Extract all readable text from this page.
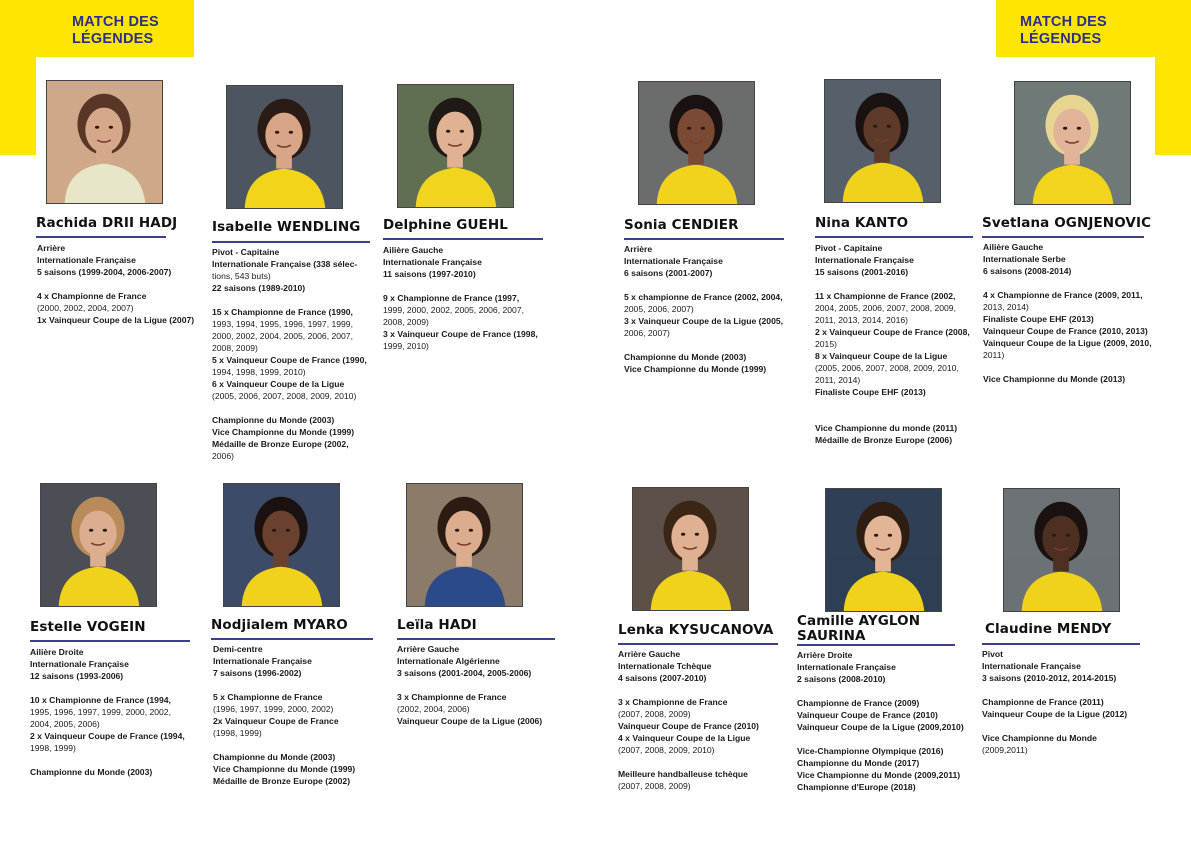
MATCH DES
LÉGENDES
MATCH DES
LÉGENDES
Rachida DRII HADJ
Arrière
Internationale Française
5 saisons (1999-2004, 2006-2007)
4 x Championne de France
(2000, 2002, 2004, 2007)
1x Vainqueur Coupe de la Ligue (2007)
Isabelle WENDLING
Pivot - Capitaine
Internationale Française (338 sélec-
tions, 543 buts)
22 saisons (1989-2010)
15 x Championne de France (1990,
1993, 1994, 1995, 1996, 1997, 1999,
2000, 2002, 2004, 2005, 2006, 2007,
2008, 2009)
5 x Vainqueur Coupe de France (1990,
1994, 1998, 1999, 2010)
6 x Vainqueur Coupe de la Ligue
(2005, 2006, 2007, 2008, 2009, 2010)
Championne du Monde (2003)
Vice Championne du Monde (1999)
Médaille de Bronze Europe (2002,
2006)
Delphine GUEHL
Ailière Gauche
Internationale Française
11 saisons (1997-2010)
9 x Championne de France (1997,
1999, 2000, 2002, 2005, 2006, 2007,
2008, 2009)
3 x Vainqueur Coupe de France (1998,
1999, 2010)
Sonia CENDIER
Arrière
Internationale Française
6 saisons (2001-2007)
5 x championne de France (2002, 2004,
2005, 2006, 2007)
3 x Vainqueur Coupe de la Ligue (2005,
2006, 2007)
Championne du Monde (2003)
Vice Championne du Monde (1999)
Nina KANTO
Pivot - Capitaine
Internationale Française
15 saisons (2001-2016)
11 x Championne de France (2002,
2004, 2005, 2006, 2007, 2008, 2009,
2011, 2013, 2014, 2016)
2 x Vainqueur Coupe de France (2008,
2015)
8 x Vainqueur Coupe de la Ligue
(2005, 2006, 2007, 2008, 2009, 2010,
2011, 2014)
Finaliste Coupe EHF (2013)
Vice Championne du monde (2011)
Médaille de Bronze Europe (2006)
Svetlana OGNJENOVIC
Ailière Gauche
Internationale Serbe
6 saisons (2008-2014)
4 x Championne de France (2009, 2011,
2013, 2014)
Finaliste Coupe EHF (2013)
Vainqueur Coupe de France (2010, 2013)
Vainqueur Coupe de la Ligue (2009, 2010,
2011)
Vice Championne du Monde (2013)
Estelle VOGEIN
Ailière Droite
Internationale Française
12 saisons (1993-2006)
10 x Championne de France (1994,
1995, 1996, 1997, 1999, 2000, 2002,
2004, 2005, 2006)
2 x Vainqueur Coupe de France (1994,
1998, 1999)
Championne du Monde (2003)
Nodjialem MYARO
Demi-centre
Internationale Française
7 saisons (1996-2002)
5 x Championne de France
(1996, 1997, 1999, 2000, 2002)
2x Vainqueur Coupe de France
(1998, 1999)
Championne du Monde (2003)
Vice Championne du Monde (1999)
Médaille de Bronze Europe (2002)
Leïla HADI
Arrière Gauche
Internationale Algérienne
3 saisons (2001-2004, 2005-2006)
3 x Championne de France
(2002, 2004, 2006)
Vainqueur Coupe de la Ligue (2006)
Lenka KYSUCANOVA
Arrière Gauche
Internationale Tchèque
4 saisons (2007-2010)
3 x Championne de France
(2007, 2008, 2009)
Vainqueur Coupe de France (2010)
4 x Vainqueur Coupe de la Ligue
(2007, 2008, 2009, 2010)
Meilleure handballeuse tchèque
(2007, 2008, 2009)
Camille AYGLON SAURINA
Arrière Droite
Internationale Française
2 saisons (2008-2010)
Championne de France (2009)
Vainqueur Coupe de France (2010)
Vainqueur Coupe de la Ligue (2009,2010)
Vice-Championne Olympique (2016)
Championne du Monde (2017)
Vice Championne du Monde (2009,2011)
Championne d'Europe (2018)
Claudine MENDY
Pivot
Internationale Française
3 saisons (2010-2012, 2014-2015)
Championne de France (2011)
Vainqueur Coupe de la Ligue (2012)
Vice Championne du Monde
(2009,2011)
